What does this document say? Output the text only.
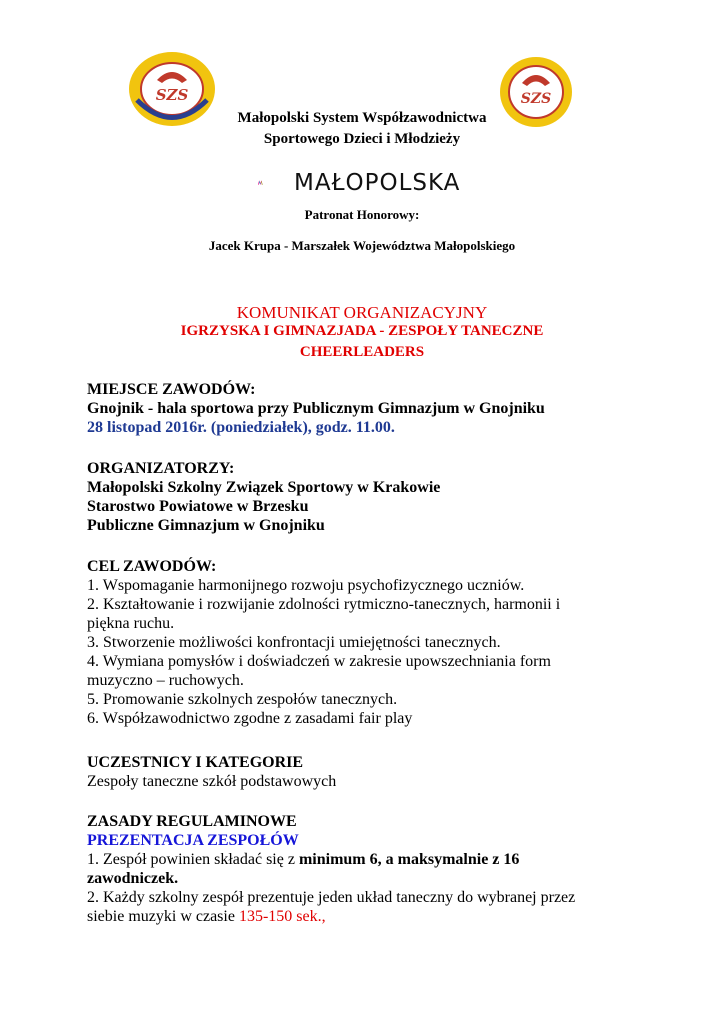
SZS	SZS
Małopolski System Współzawodnictwa
Sportowego Dzieci i Młodzieży
MAŁOPOLSKA
Patronat Honorowy:
Jacek Krupa - Marszałek Województwa Małopolskiego
KOMUNIKAT ORGANIZACYJNY
IGRZYSKA I GIMNAZJADA - ZESPOŁY TANECZNE
CHEERLEADERS
MIEJSCE ZAWODÓW:
Gnojnik - hala sportowa przy Publicznym Gimnazjum w Gnojniku
28 listopad 2016r. (poniedziałek), godz. 11.00.
ORGANIZATORZY:
Małopolski Szkolny Związek Sportowy w Krakowie
Starostwo Powiatowe w Brzesku
Publiczne Gimnazjum w Gnojniku
CEL ZAWODÓW:
1. Wspomaganie harmonijnego rozwoju psychofizycznego uczniów.
2. Kształtowanie i rozwijanie zdolności rytmiczno-tanecznych, harmonii i
piękna ruchu.
3. Stworzenie możliwości konfrontacji umiejętności tanecznych.
4. Wymiana pomysłów i doświadczeń w zakresie upowszechniania form
muzyczno – ruchowych.
5. Promowanie szkolnych zespołów tanecznych.
6. Współzawodnictwo zgodne z zasadami fair play
UCZESTNICY I KATEGORIE
Zespoły taneczne szkół podstawowych
ZASADY REGULAMINOWE
PREZENTACJA ZESPOŁÓW
1. Zespół powinien składać się z minimum 6, a maksymalnie z 16
zawodniczek.
2. Każdy szkolny zespół prezentuje jeden układ taneczny do wybranej przez
siebie muzyki w czasie 135-150 sek.,
